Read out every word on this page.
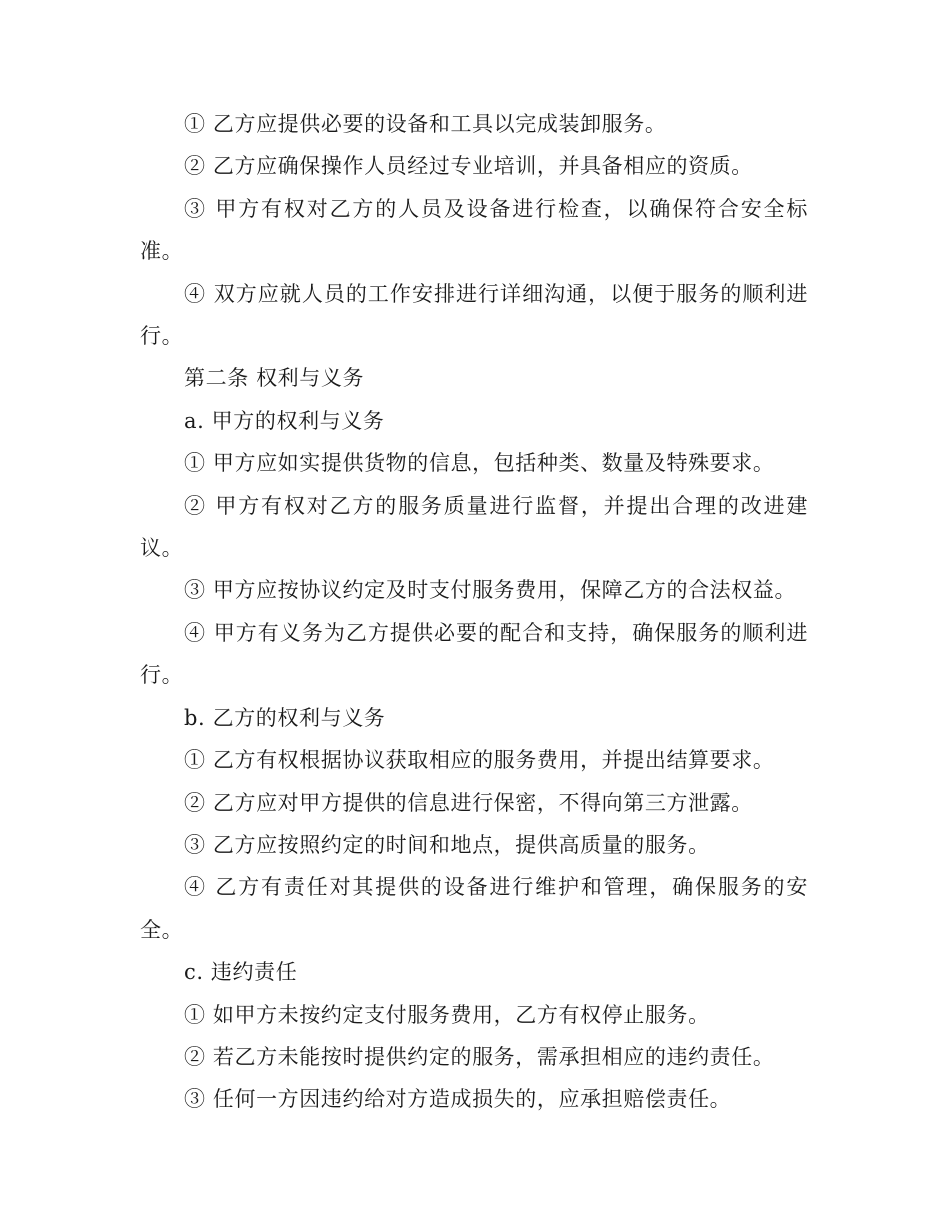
① 乙方应提供必要的设备和工具以完成装卸服务。

② 乙方应确保操作人员经过专业培训，并具备相应的资质。

③ 甲方有权对乙方的人员及设备进行检查，以确保符合安全标准。

④ 双方应就人员的工作安排进行详细沟通，以便于服务的顺利进行。

第二条 权利与义务

a. 甲方的权利与义务

① 甲方应如实提供货物的信息，包括种类、数量及特殊要求。

② 甲方有权对乙方的服务质量进行监督，并提出合理的改进建议。

③ 甲方应按协议约定及时支付服务费用，保障乙方的合法权益。

④ 甲方有义务为乙方提供必要的配合和支持，确保服务的顺利进行。

b. 乙方的权利与义务

① 乙方有权根据协议获取相应的服务费用，并提出结算要求。

② 乙方应对甲方提供的信息进行保密，不得向第三方泄露。

③ 乙方应按照约定的时间和地点，提供高质量的服务。

④ 乙方有责任对其提供的设备进行维护和管理，确保服务的安全。

c. 违约责任

① 如甲方未按约定支付服务费用，乙方有权停止服务。

② 若乙方未能按时提供约定的服务，需承担相应的违约责任。

③ 任何一方因违约给对方造成损失的，应承担赔偿责任。
